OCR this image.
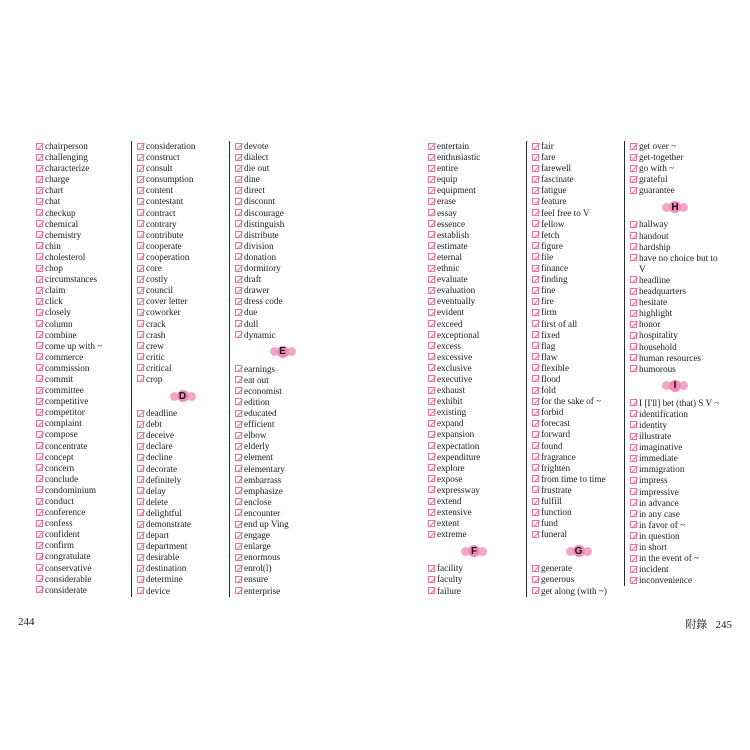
chairperson
challenging
characterize
charge
chart
chat
checkup
chemical
chemistry
chin
cholesterol
chop
circumstances
claim
click
closely
column
combine
come up with ~
commerce
commission
commit
committee
competitive
competitor
complaint
compose
concentrate
concept
concern
conclude
condominium
conduct
conference
confess
confident
confirm
congratulate
conservative
considerable
considerate
consideration
construct
consult
consumption
content
contestant
contract
contrary
contribute
cooperate
cooperation
core
costly
council
cover letter
coworker
crack
crash
crew
critic
critical
crop
D
deadline
debt
deceive
declare
decline
decorate
definitely
delay
delete
delightful
demonstrate
depart
department
desirable
destination
determine
device
devote
dialect
die out
dine
direct
discount
discourage
distinguish
distribute
division
donation
dormitory
draft
drawer
dress code
due
dull
dynamic
E
earnings
eat out
economist
edition
educated
efficient
elbow
elderly
element
elementary
embarrass
emphasize
enclose
encounter
end up Ving
engage
enlarge
enormous
enrol(l)
ensure
enterprise
entertain
enthusiastic
entire
equip
equipment
erase
essay
essence
establish
estimate
eternal
ethnic
evaluate
evaluation
eventually
evident
exceed
exceptional
excess
excessive
exclusive
executive
exhaust
exhibit
existing
expand
expansion
expectation
expenditure
explore
expose
expressway
extend
extensive
extent
extreme
F
facility
faculty
failure
fair
fare
farewell
fascinate
fatigue
feature
feel free to V
fellow
fetch
figure
file
finance
finding
fine
fire
firm
first of all
fixed
flag
flaw
flexible
flood
fold
for the sake of ~
forbid
forecast
forward
found
fragrance
frighten
from time to time
frustrate
fulfill
function
fund
funeral
G
generate
generous
get along (with ~)
get over ~
get-together
go with ~
grateful
guarantee
H
hallway
handout
hardship
have no choice but to V
headline
headquarters
hesitate
highlight
honor
hospitality
household
human resources
humorous
I
I [I'll] bet (that) S V ~
identification
identity
illustrate
imaginative
immediate
immigration
impress
impressive
in advance
in any case
in favor of ~
in question
in short
in the event of ~
incident
inconvenience
244	附錄 245
